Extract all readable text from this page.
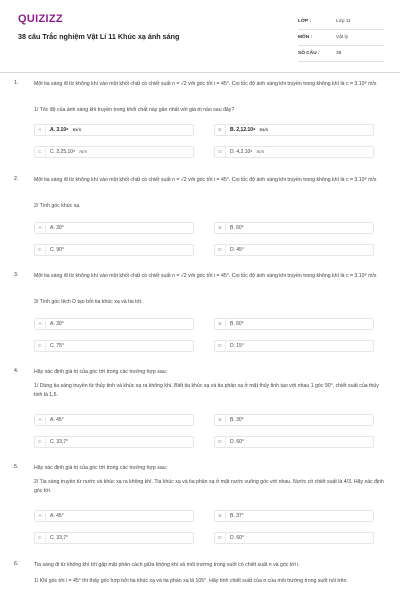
QUIZIZZ
38 câu Trắc nghiệm Vật Lí 11 Khúc xạ ánh sáng
LỚP :	Lớp 11
MÔN :	Vật lý
SỐ CÂU :	38
1.	Một tia sáng đi từ không khí vào một khối chất có chiết suất n = √2 với góc tới i = 45°. Coi tốc độ ánh sáng khi truyền trong không khí là c = 3.10⁸ m/s
1/ Tốc độ của ánh sáng khi truyền trong khối chất này gần nhất với giá trị nào sau đây?
A	A. 3.10⁸ m/s	B	B. 2,12.10⁸ m/s
C	C. 2,25.10⁸ m/s	D	D. 4,2.10⁸ m/s
2.	Một tia sáng đi từ không khí vào một khối chất có chiết suất n = √2 với góc tới i = 45°. Coi tốc độ ánh sáng khi truyền trong không khí là c = 3.10⁸ m/s
2/ Tính góc khúc xạ.
A	A. 30°	B	B. 60°
C	C. 90°	D	D. 45°
3.	Một tia sáng đi từ không khí vào một khối chất có chiết suất n = √2 với góc tới i = 45°. Coi tốc độ ánh sáng khi truyền trong không khí là c = 3.10⁸ m/s
3/ Tính góc lệch D tạo bởi tia khúc xạ và tia tới.
A	A. 30°	B	B. 60°
C	C. 75°	D	D. 15°
4.	Hãy xác định giá trị của góc tới trong các trường hợp sau:
1/ Dùng tia sáng truyền từ thủy tinh và khúc xạ ra không khí. Biết tia khúc xạ và tia phản xạ ở mặt thủy tinh tạo với nhau 1 góc 90°, chiết suất của thủy tinh là 1,5.
A	A. 45°	B	B. 30°
C	C. 33,7°	D	D. 60°
5.	Hãy xác định giá trị của góc tới trong các trường hợp sau:
2/ Tia sáng truyền từ nước và khúc xạ ra không khí. Tia khúc xạ và tia phản xạ ở mặt nước vuông góc với nhau. Nước có chiết suất là 4/3. Hãy xác định góc tới.
A	A. 45°	B	B. 37°
C	C. 33,7°	D	D. 60°
6.	Tia sáng đi từ không khí tới gặp mặt phân cách giữa không khí và môi trường trong suốt có chiết suất n và góc tới i.
1/ Khi góc tới i = 45° thì thấy góc hợp bởi tia khúc xạ và tia phản xạ là 105°. Hãy tính chiết suất của n của môi trường trong suốt nói trên.
